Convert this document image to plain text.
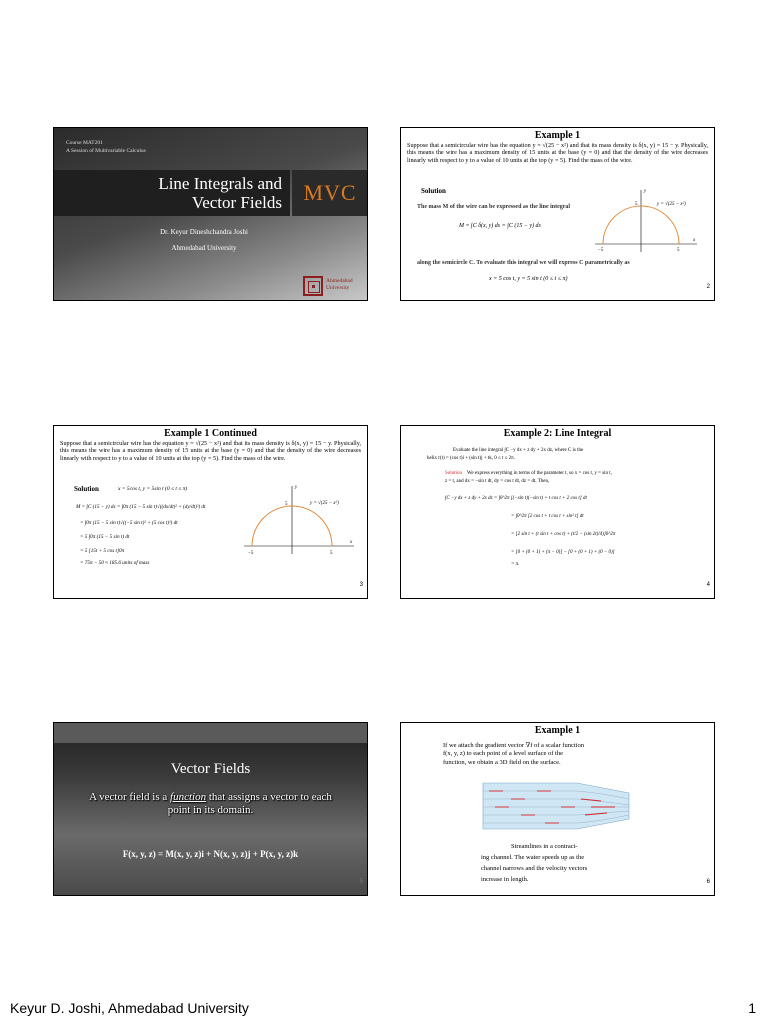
Course MAT201

A Session of Multivariable Calculus

Line Integrals and

Vector Fields MVC

Dr. Keyur Dineshchandra Joshi

Ahmedabad University

Ahmedabad

University

Example 1

Suppose that a semicircular wire has the equation y = √(25 − x²) and that its mass density is δ(x, y) = 15 − y. Physically, this means the wire has a maximum density of 15 units at the base (y = 0) and that the density of the wire decreases linearly with respect to y to a value of 10 units at the top (y = 5). Find the mass of the wire.

Solution

The mass M of the wire can be expressed as the line integral

M = ∫C δ(x, y) ds = ∫C (15 − y) ds

along the semicircle C. To evaluate this integral we will express C parametrically as

x = 5 cos t, y = 5 sin t (0 ≤ t ≤ π)

y
x
5
−5	5
y = √(25 − x²)

2

Example 1 Continued

Suppose that a semicircular wire has the equation y = √(25 − x²) and that its mass density is δ(x, y) = 15 − y. Physically, this means the wire has a maximum density of 15 units at the base (y = 0) and that the density of the wire decreases linearly with respect to y to a value of 10 units at the top (y = 5). Find the mass of the wire.

Solution	x = 5cos t, y = 5sin t (0 ≤ t ≤ π)

M = ∫C (15 − y) ds = ∫0π (15 − 5 sin t)√((dx/dt)² + (dy/dt)²) dt

= ∫0π (15 − 5 sin t)√((−5 sin t)² + (5 cos t)²) dt

= 5 ∫0π (15 − 5 sin t) dt

= 5 [15t + 5 cos t]0π

= 75π − 50 ≈ 185.6 units of mass

y
x
5
−5	5
y = √(25 − x²)

3

Example 2: Line Integral

Evaluate the line integral ∫C −y dx + z dy + 2x dz, where C is the

helix r(t) = (cos t)i + (sin t)j + tk, 0 ≤ t ≤ 2π.

Solution We express everything in terms of the parameter t, so x = cos t, y = sin t,

z = t, and dx = −sin t dt, dy = cos t dt, dz = dt. Then,

∫C −y dx + z dy + 2x dz = ∫0^2π [(−sin t)(−sin t) + t cos t + 2 cos t] dt

= ∫0^2π [2 cos t + t cos t + sin² t] dt

= [2 sin t + (t sin t + cos t) + (t/2 − (sin 2t)/4)]0^2π

= [0 + (0 + 1) + (π − 0)] − [0 + (0 + 1) + (0 − 0)]

= π.

4

Vector Fields

A vector field is a function that assigns a vector to each point in its domain.

F(x, y, z) = M(x, y, z)i + N(x, y, z)j + P(x, y, z)k

5

Example 1

If we attach the gradient vector ∇f of a scalar function

f(x, y, z) to each point of a level surface of the

function, we obtain a 3D field on the surface.

Streamlines in a contract-

ing channel. The water speeds up as the

channel narrows and the velocity vectors

increase in length.	6

Keyur D. Joshi, Ahmedabad University	1
